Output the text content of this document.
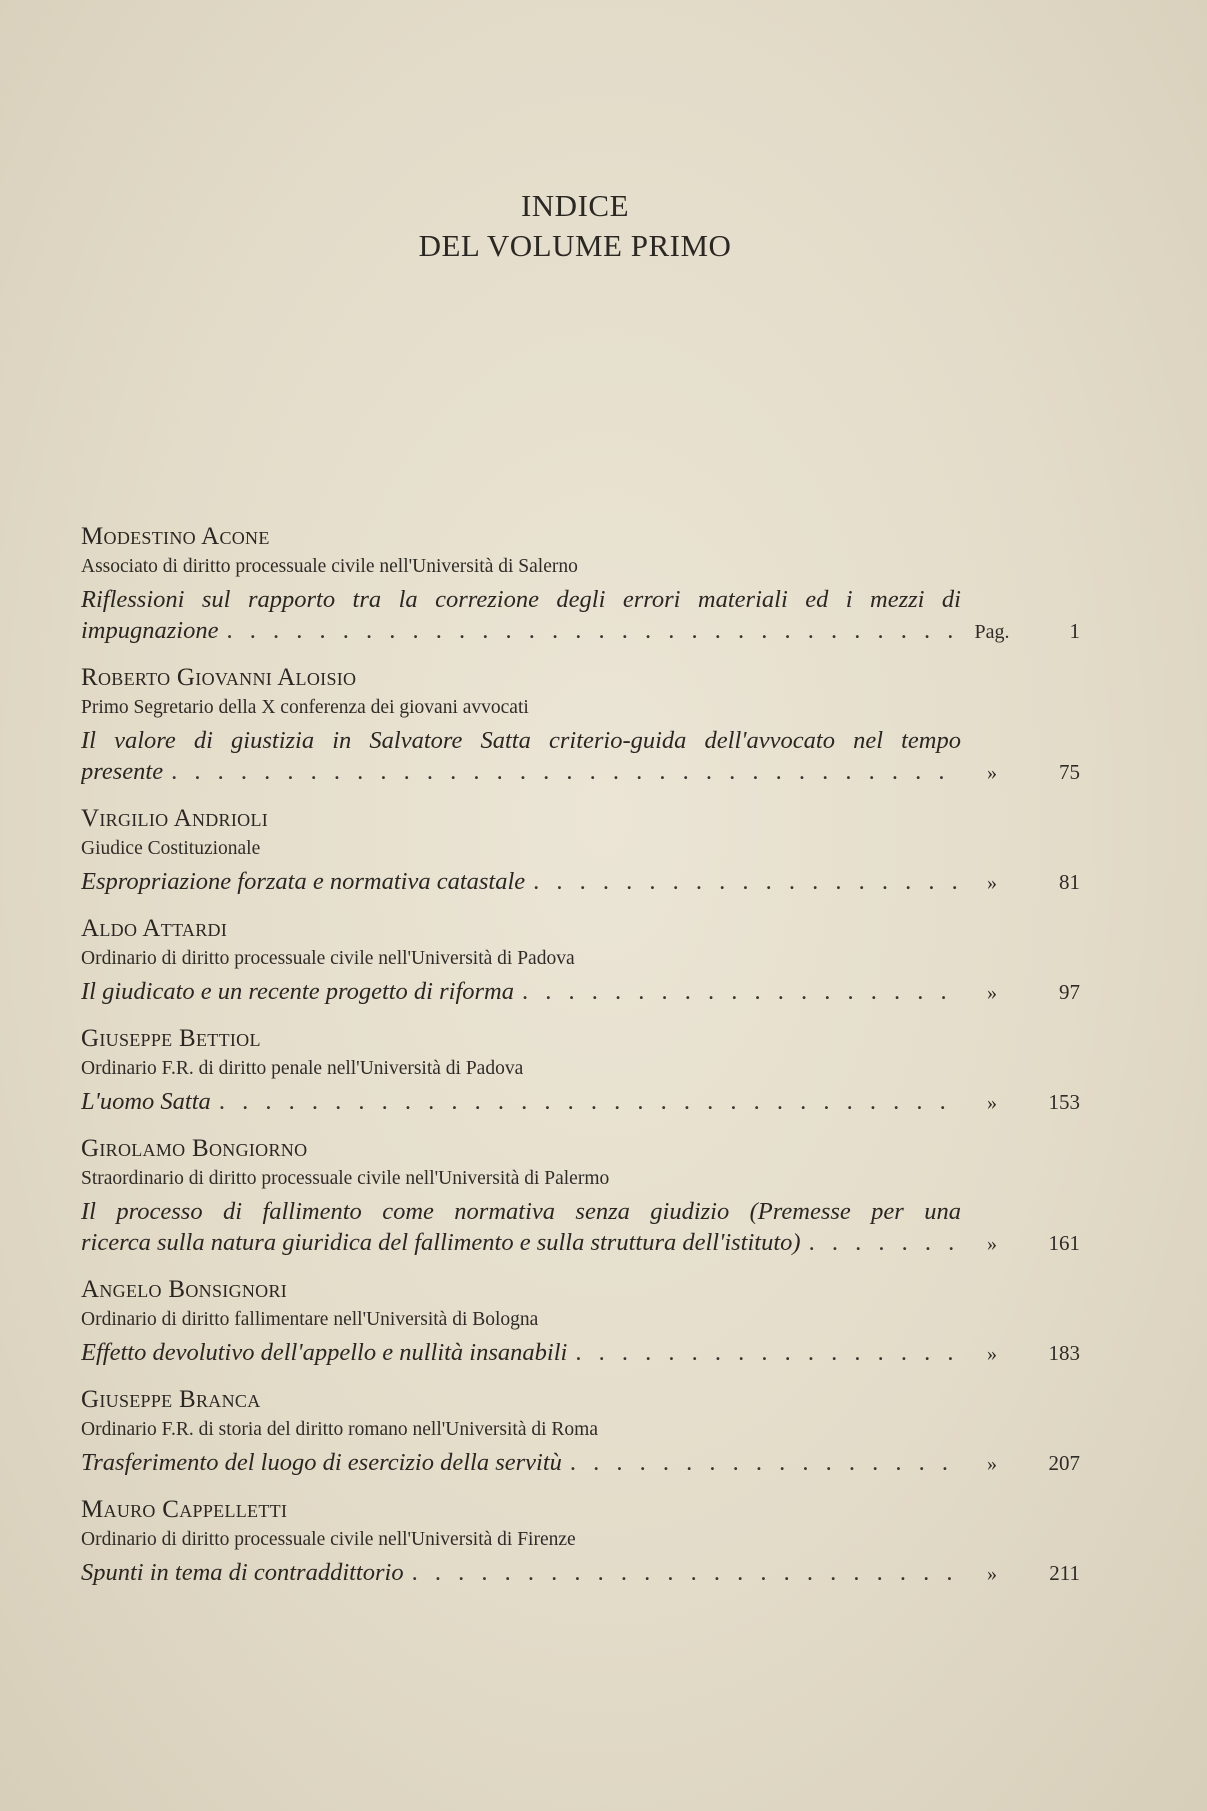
INDICE
DEL VOLUME PRIMO
Modestino Acone
Associato di diritto processuale civile nell'Università di Salerno
Riflessioni sul rapporto tra la correzione degli errori materiali ed i mezzi di
impugnazione . . .	Pag.	1
Roberto Giovanni Aloisio
Primo Segretario della X conferenza dei giovani avvocati
Il valore di giustizia in Salvatore Satta criterio-guida dell'avvocato nel tempo
presente . . .	»	75
Virgilio Andrioli
Giudice Costituzionale
Espropriazione forzata e normativa catastale . . .	»	81
Aldo Attardi
Ordinario di diritto processuale civile nell'Università di Padova
Il giudicato e un recente progetto di riforma . . .	»	97
Giuseppe Bettiol
Ordinario F.R. di diritto penale nell'Università di Padova
L'uomo Satta . . .	»	153
Girolamo Bongiorno
Straordinario di diritto processuale civile nell'Università di Palermo
Il processo di fallimento come normativa senza giudizio (Premesse per una
ricerca sulla natura giuridica del fallimento e sulla struttura dell'istituto) . . .	»	161
Angelo Bonsignori
Ordinario di diritto fallimentare nell'Università di Bologna
Effetto devolutivo dell'appello e nullità insanabili . . .	»	183
Giuseppe Branca
Ordinario F.R. di storia del diritto romano nell'Università di Roma
Trasferimento del luogo di esercizio della servitù . . .	»	207
Mauro Cappelletti
Ordinario di diritto processuale civile nell'Università di Firenze
Spunti in tema di contraddittorio . . .	»	211
